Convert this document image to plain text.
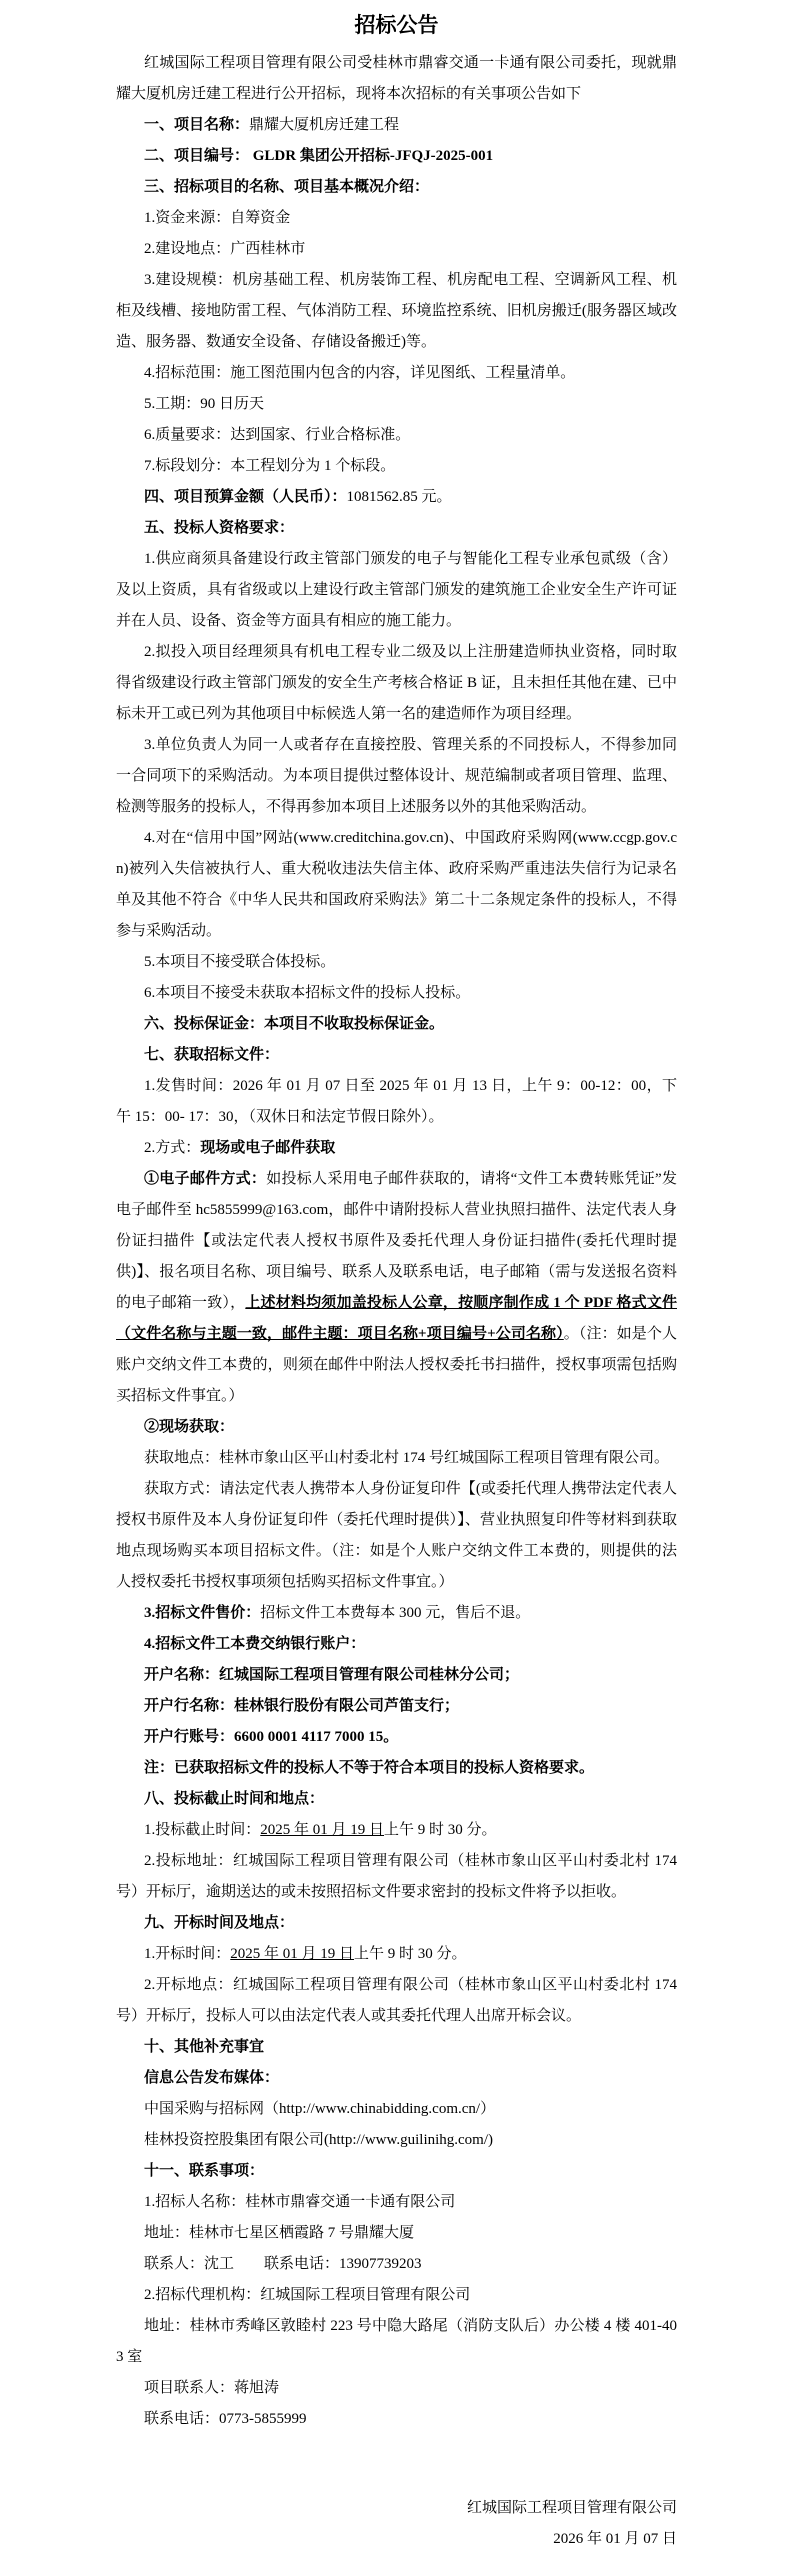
招标公告

红城国际工程项目管理有限公司受桂林市鼎睿交通一卡通有限公司委托，现就鼎耀大厦机房迁建工程进行公开招标，现将本次招标的有关事项公告如下

一、项目名称：鼎耀大厦机房迁建工程

二、项目编号： GLDR 集团公开招标-JFQJ-2025-001

三、招标项目的名称、项目基本概况介绍：

1.资金来源：自筹资金

2.建设地点：广西桂林市

3.建设规模：机房基础工程、机房装饰工程、机房配电工程、空调新风工程、机柜及线槽、接地防雷工程、气体消防工程、环境监控系统、旧机房搬迁(服务器区域改造、服务器、数通安全设备、存储设备搬迁)等。

4.招标范围：施工图范围内包含的内容，详见图纸、工程量清单。

5.工期：90 日历天

6.质量要求：达到国家、行业合格标准。

7.标段划分：本工程划分为 1 个标段。

四、项目预算金额（人民币）：1081562.85 元。

五、投标人资格要求：

1.供应商须具备建设行政主管部门颁发的电子与智能化工程专业承包贰级（含）及以上资质，具有省级或以上建设行政主管部门颁发的建筑施工企业安全生产许可证并在人员、设备、资金等方面具有相应的施工能力。

2.拟投入项目经理须具有机电工程专业二级及以上注册建造师执业资格，同时取得省级建设行政主管部门颁发的安全生产考核合格证 B 证，且未担任其他在建、已中标未开工或已列为其他项目中标候选人第一名的建造师作为项目经理。

3.单位负责人为同一人或者存在直接控股、管理关系的不同投标人，不得参加同一合同项下的采购活动。为本项目提供过整体设计、规范编制或者项目管理、监理、检测等服务的投标人，不得再参加本项目上述服务以外的其他采购活动。

4.对在“信用中国”网站(www.creditchina.gov.cn)、中国政府采购网(www.ccgp.gov.cn)被列入失信被执行人、重大税收违法失信主体、政府采购严重违法失信行为记录名单及其他不符合《中华人民共和国政府采购法》第二十二条规定条件的投标人，不得参与采购活动。

5.本项目不接受联合体投标。

6.本项目不接受未获取本招标文件的投标人投标。

六、投标保证金：本项目不收取投标保证金。

七、获取招标文件：

1.发售时间：2026 年 01 月 07 日至 2025 年 01 月 13 日，上午 9：00-12：00，下午 15：00- 17：30，（双休日和法定节假日除外）。

2.方式：现场或电子邮件获取

①电子邮件方式：如投标人采用电子邮件获取的，请将“文件工本费转账凭证”发电子邮件至 hc5855999@163.com，邮件中请附投标人营业执照扫描件、法定代表人身份证扫描件【或法定代表人授权书原件及委托代理人身份证扫描件(委托代理时提供)】、报名项目名称、项目编号、联系人及联系电话，电子邮箱（需与发送报名资料的电子邮箱一致），上述材料均须加盖投标人公章，按顺序制作成 1 个 PDF 格式文件（文件名称与主题一致，邮件主题：项目名称+项目编号+公司名称）。（注：如是个人账户交纳文件工本费的，则须在邮件中附法人授权委托书扫描件，授权事项需包括购买招标文件事宜。）

②现场获取：

获取地点：桂林市象山区平山村委北村 174 号红城国际工程项目管理有限公司。

获取方式：请法定代表人携带本人身份证复印件【(或委托代理人携带法定代表人授权书原件及本人身份证复印件（委托代理时提供）】、营业执照复印件等材料到获取地点现场购买本项目招标文件。（注：如是个人账户交纳文件工本费的，则提供的法人授权委托书授权事项须包括购买招标文件事宜。）

3.招标文件售价：招标文件工本费每本 300 元，售后不退。

4.招标文件工本费交纳银行账户：

开户名称：红城国际工程项目管理有限公司桂林分公司；

开户行名称：桂林银行股份有限公司芦笛支行；

开户行账号：6600 0001 4117 7000 15。

注：已获取招标文件的投标人不等于符合本项目的投标人资格要求。

八、投标截止时间和地点：

1.投标截止时间：2025 年 01 月 19 日上午 9 时 30 分。

2.投标地址：红城国际工程项目管理有限公司（桂林市象山区平山村委北村 174 号）开标厅，逾期送达的或未按照招标文件要求密封的投标文件将予以拒收。

九、开标时间及地点：

1.开标时间：2025 年 01 月 19 日上午 9 时 30 分。

2.开标地点：红城国际工程项目管理有限公司（桂林市象山区平山村委北村 174 号）开标厅，投标人可以由法定代表人或其委托代理人出席开标会议。

十、其他补充事宜

信息公告发布媒体：

中国采购与招标网（http://www.chinabidding.com.cn/）

桂林投资控股集团有限公司(http://www.guilinihg.com/)

十一、联系事项：

1.招标人名称：桂林市鼎睿交通一卡通有限公司

地址：桂林市七星区栖霞路 7 号鼎耀大厦

联系人：沈工　　联系电话：13907739203

2.招标代理机构：红城国际工程项目管理有限公司

地址：桂林市秀峰区敦睦村 223 号中隐大路尾（消防支队后）办公楼 4 楼 401-403 室

项目联系人：蒋旭涛

联系电话：0773-5855999

红城国际工程项目管理有限公司

2026 年 01 月 07 日
